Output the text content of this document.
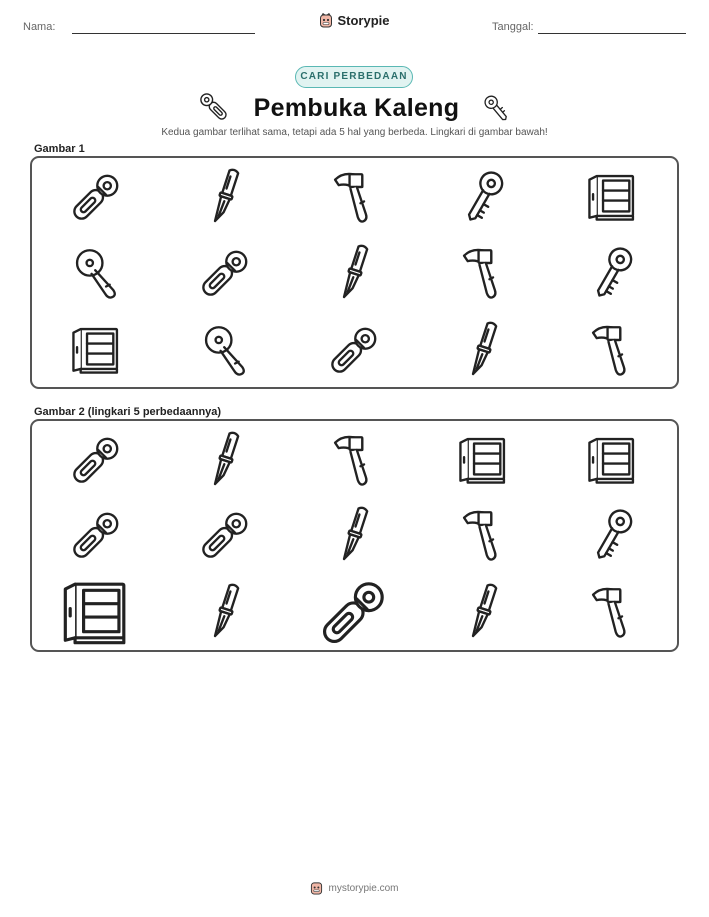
Nama:	Storypie	Tanggal:
CARI PERBEDAAN
Pembuka Kaleng
Kedua gambar terlihat sama, tetapi ada 5 hal yang berbeda. Lingkari di gambar bawah!
Gambar 1
Gambar 2 (lingkari 5 perbedaannya)
mystorypie.com
